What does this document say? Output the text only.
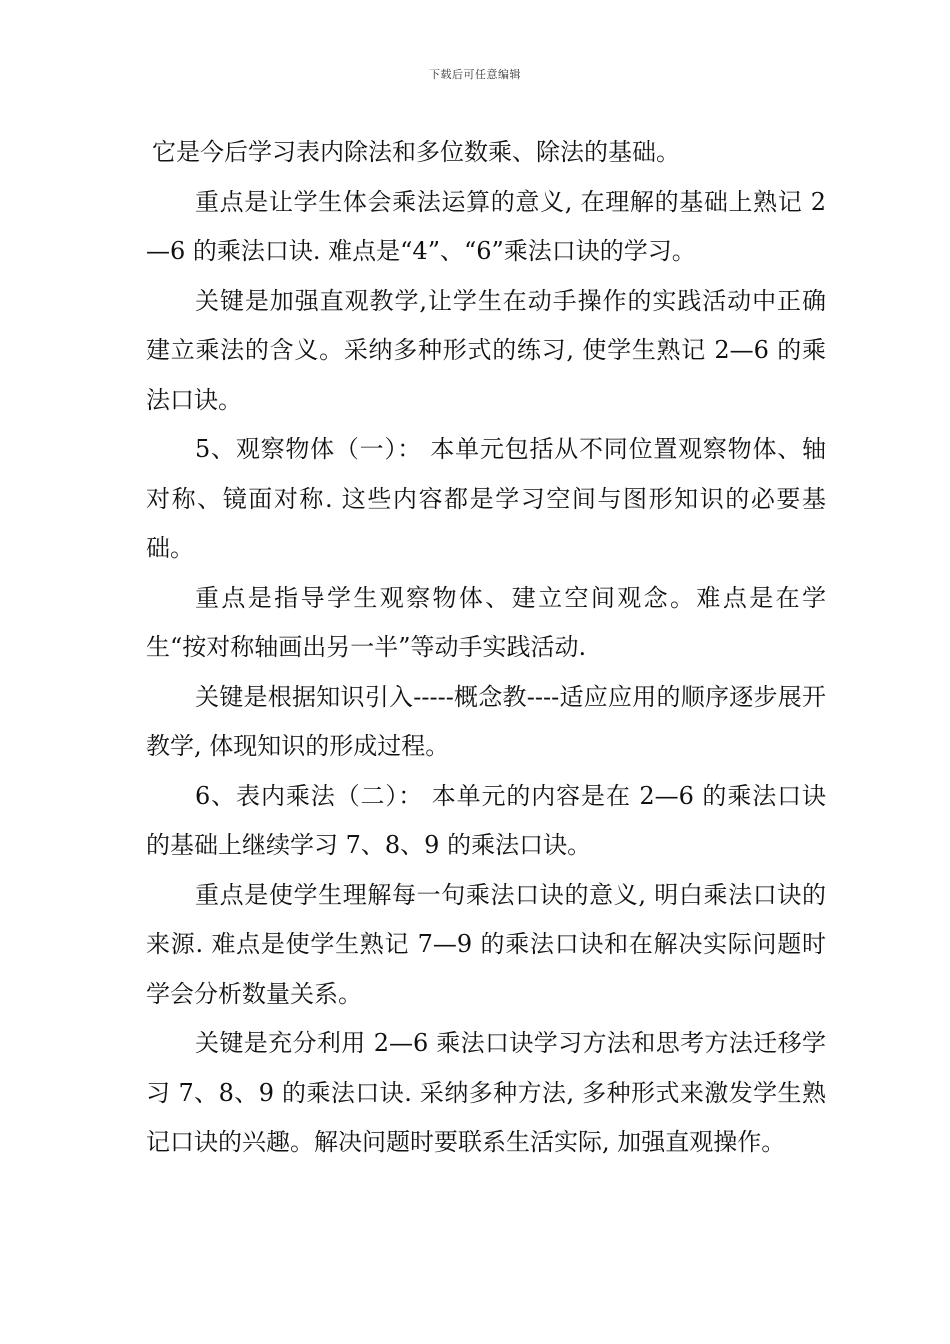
下载后可任意编辑

它是今后学习表内除法和多位数乘、除法的基础。

重点是让学生体会乘法运算的意义, 在理解的基础上熟记 2—6 的乘法口诀. 难点是“4”、“6”乘法口诀的学习。

关键是加强直观教学,让学生在动手操作的实践活动中正确建立乘法的含义。采纳多种形式的练习, 使学生熟记 2—6 的乘法口诀。

5、观察物体（一）： 本单元包括从不同位置观察物体、轴对称、镜面对称. 这些内容都是学习空间与图形知识的必要基础。

重点是指导学生观察物体、建立空间观念。难点是在学生“按对称轴画出另一半”等动手实践活动.

关键是根据知识引入-----概念教----适应应用的顺序逐步展开教学, 体现知识的形成过程。

6、表内乘法（二）： 本单元的内容是在 2—6 的乘法口诀的基础上继续学习 7、8、9 的乘法口诀。

重点是使学生理解每一句乘法口诀的意义, 明白乘法口诀的来源. 难点是使学生熟记 7—9 的乘法口诀和在解决实际问题时学会分析数量关系。

关键是充分利用 2—6 乘法口诀学习方法和思考方法迁移学习 7、8、9 的乘法口诀. 采纳多种方法, 多种形式来激发学生熟记口诀的兴趣。解决问题时要联系生活实际, 加强直观操作。
